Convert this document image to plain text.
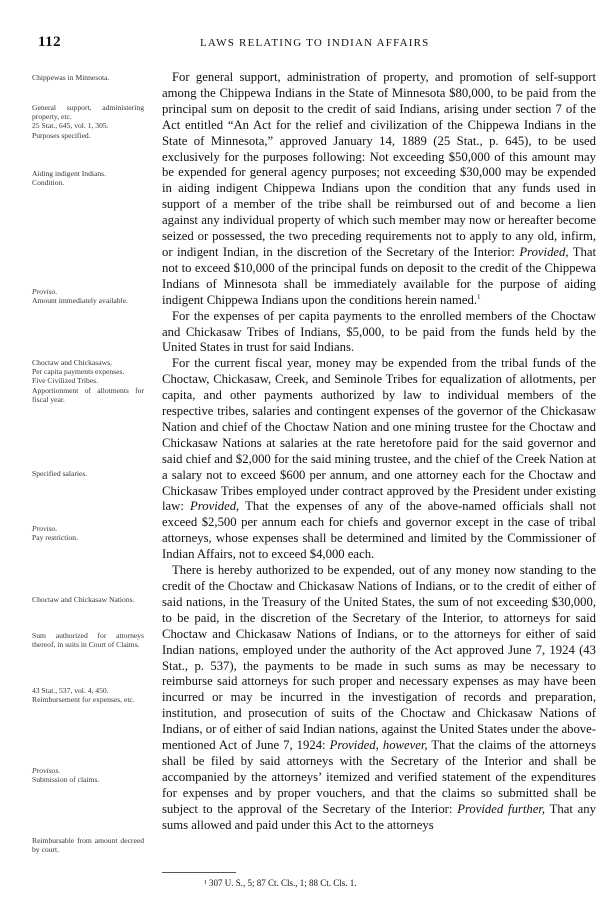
112	LAWS RELATING TO INDIAN AFFAIRS
Chippewas in Minnesota.
General support, administering property, etc.
25 Stat., 645, vol. 1, 305.
Purposes specified.
Aiding indigent Indians.
Condition.
Proviso.
Amount immediately available.
Choctaw and Chickasaws.
Per capita payments expenses.
Five Civilized Tribes.
Apportionment of allotments for fiscal year.
Specified salaries.
Proviso.
Pay restriction.
Choctaw and Chickasaw Nations.
Sum authorized for attorneys thereof, in suits in Court of Claims.
43 Stat., 537, vol. 4, 450.
Reimbursement for expenses, etc.
Provisos.
Submission of claims.
Reimbursable from amount decreed by court.

For general support, administration of property, and promotion of self-support among the Chippewa Indians in the State of Minnesota $80,000, to be paid from the principal sum on deposit to the credit of said Indians, arising under section 7 of the Act entitled “An Act for the relief and civilization of the Chippewa Indians in the State of Minnesota,” approved January 14, 1889 (25 Stat., p. 645), to be used exclusively for the purposes following: Not exceeding $50,000 of this amount may be expended for general agency purposes; not exceeding $30,000 may be expended in aiding indigent Chippewa Indians upon the condition that any funds used in support of a member of the tribe shall be reimbursed out of and become a lien against any individual property of which such member may now or hereafter become seized or possessed, the two preceding requirements not to apply to any old, infirm, or indigent Indian, in the discretion of the Secretary of the Interior: Provided, That not to exceed $10,000 of the principal funds on deposit to the credit of the Chippewa Indians of Minnesota shall be immediately available for the purpose of aiding indigent Chippewa Indians upon the conditions herein named.$^1$

For the expenses of per capita payments to the enrolled members of the Choctaw and Chickasaw Tribes of Indians, $5,000, to be paid from the funds held by the United States in trust for said Indians.

For the current fiscal year, money may be expended from the tribal funds of the Choctaw, Chickasaw, Creek, and Seminole Tribes for equalization of allotments, per capita, and other payments authorized by law to individual members of the respective tribes, salaries and contingent expenses of the governor of the Chickasaw Nation and chief of the Choctaw Nation and one mining trustee for the Choctaw and Chickasaw Nations at salaries at the rate heretofore paid for the said governor and said chief and $2,000 for the said mining trustee, and the chief of the Creek Nation at a salary not to exceed $600 per annum, and one attorney each for the Choctaw and Chickasaw Tribes employed under contract approved by the President under existing law: Provided, That the expenses of any of the above-named officials shall not exceed $2,500 per annum each for chiefs and governor except in the case of tribal attorneys, whose expenses shall be determined and limited by the Commissioner of Indian Affairs, not to exceed $4,000 each.

There is hereby authorized to be expended, out of any money now standing to the credit of the Choctaw and Chickasaw Nations of Indians, or to the credit of either of said nations, in the Treasury of the United States, the sum of not exceeding $30,000, to be paid, in the discretion of the Secretary of the Interior, to attorneys for said Choctaw and Chickasaw Nations of Indians, or to the attorneys for either of said Indian nations, employed under the authority of the Act approved June 7, 1924 (43 Stat., p. 537), the payments to be made in such sums as may be necessary to reimburse said attorneys for such proper and necessary expenses as may have been incurred or may be incurred in the investigation of records and preparation, institution, and prosecution of suits of the Choctaw and Chickasaw Nations of Indians, or of either of said Indian nations, against the United States under the above-mentioned Act of June 7, 1924: Provided, however, That the claims of the attorneys shall be filed by said attorneys with the Secretary of the Interior and shall be accompanied by the attorneys’ itemized and verified statement of the expenditures for expenses and by proper vouchers, and that the claims so submitted shall be subject to the approval of the Secretary of the Interior: Provided further, That any sums allowed and paid under this Act to the attorneys

¹ 307 U. S., 5; 87 Ct. Cls., 1; 88 Ct. Cls. 1.
